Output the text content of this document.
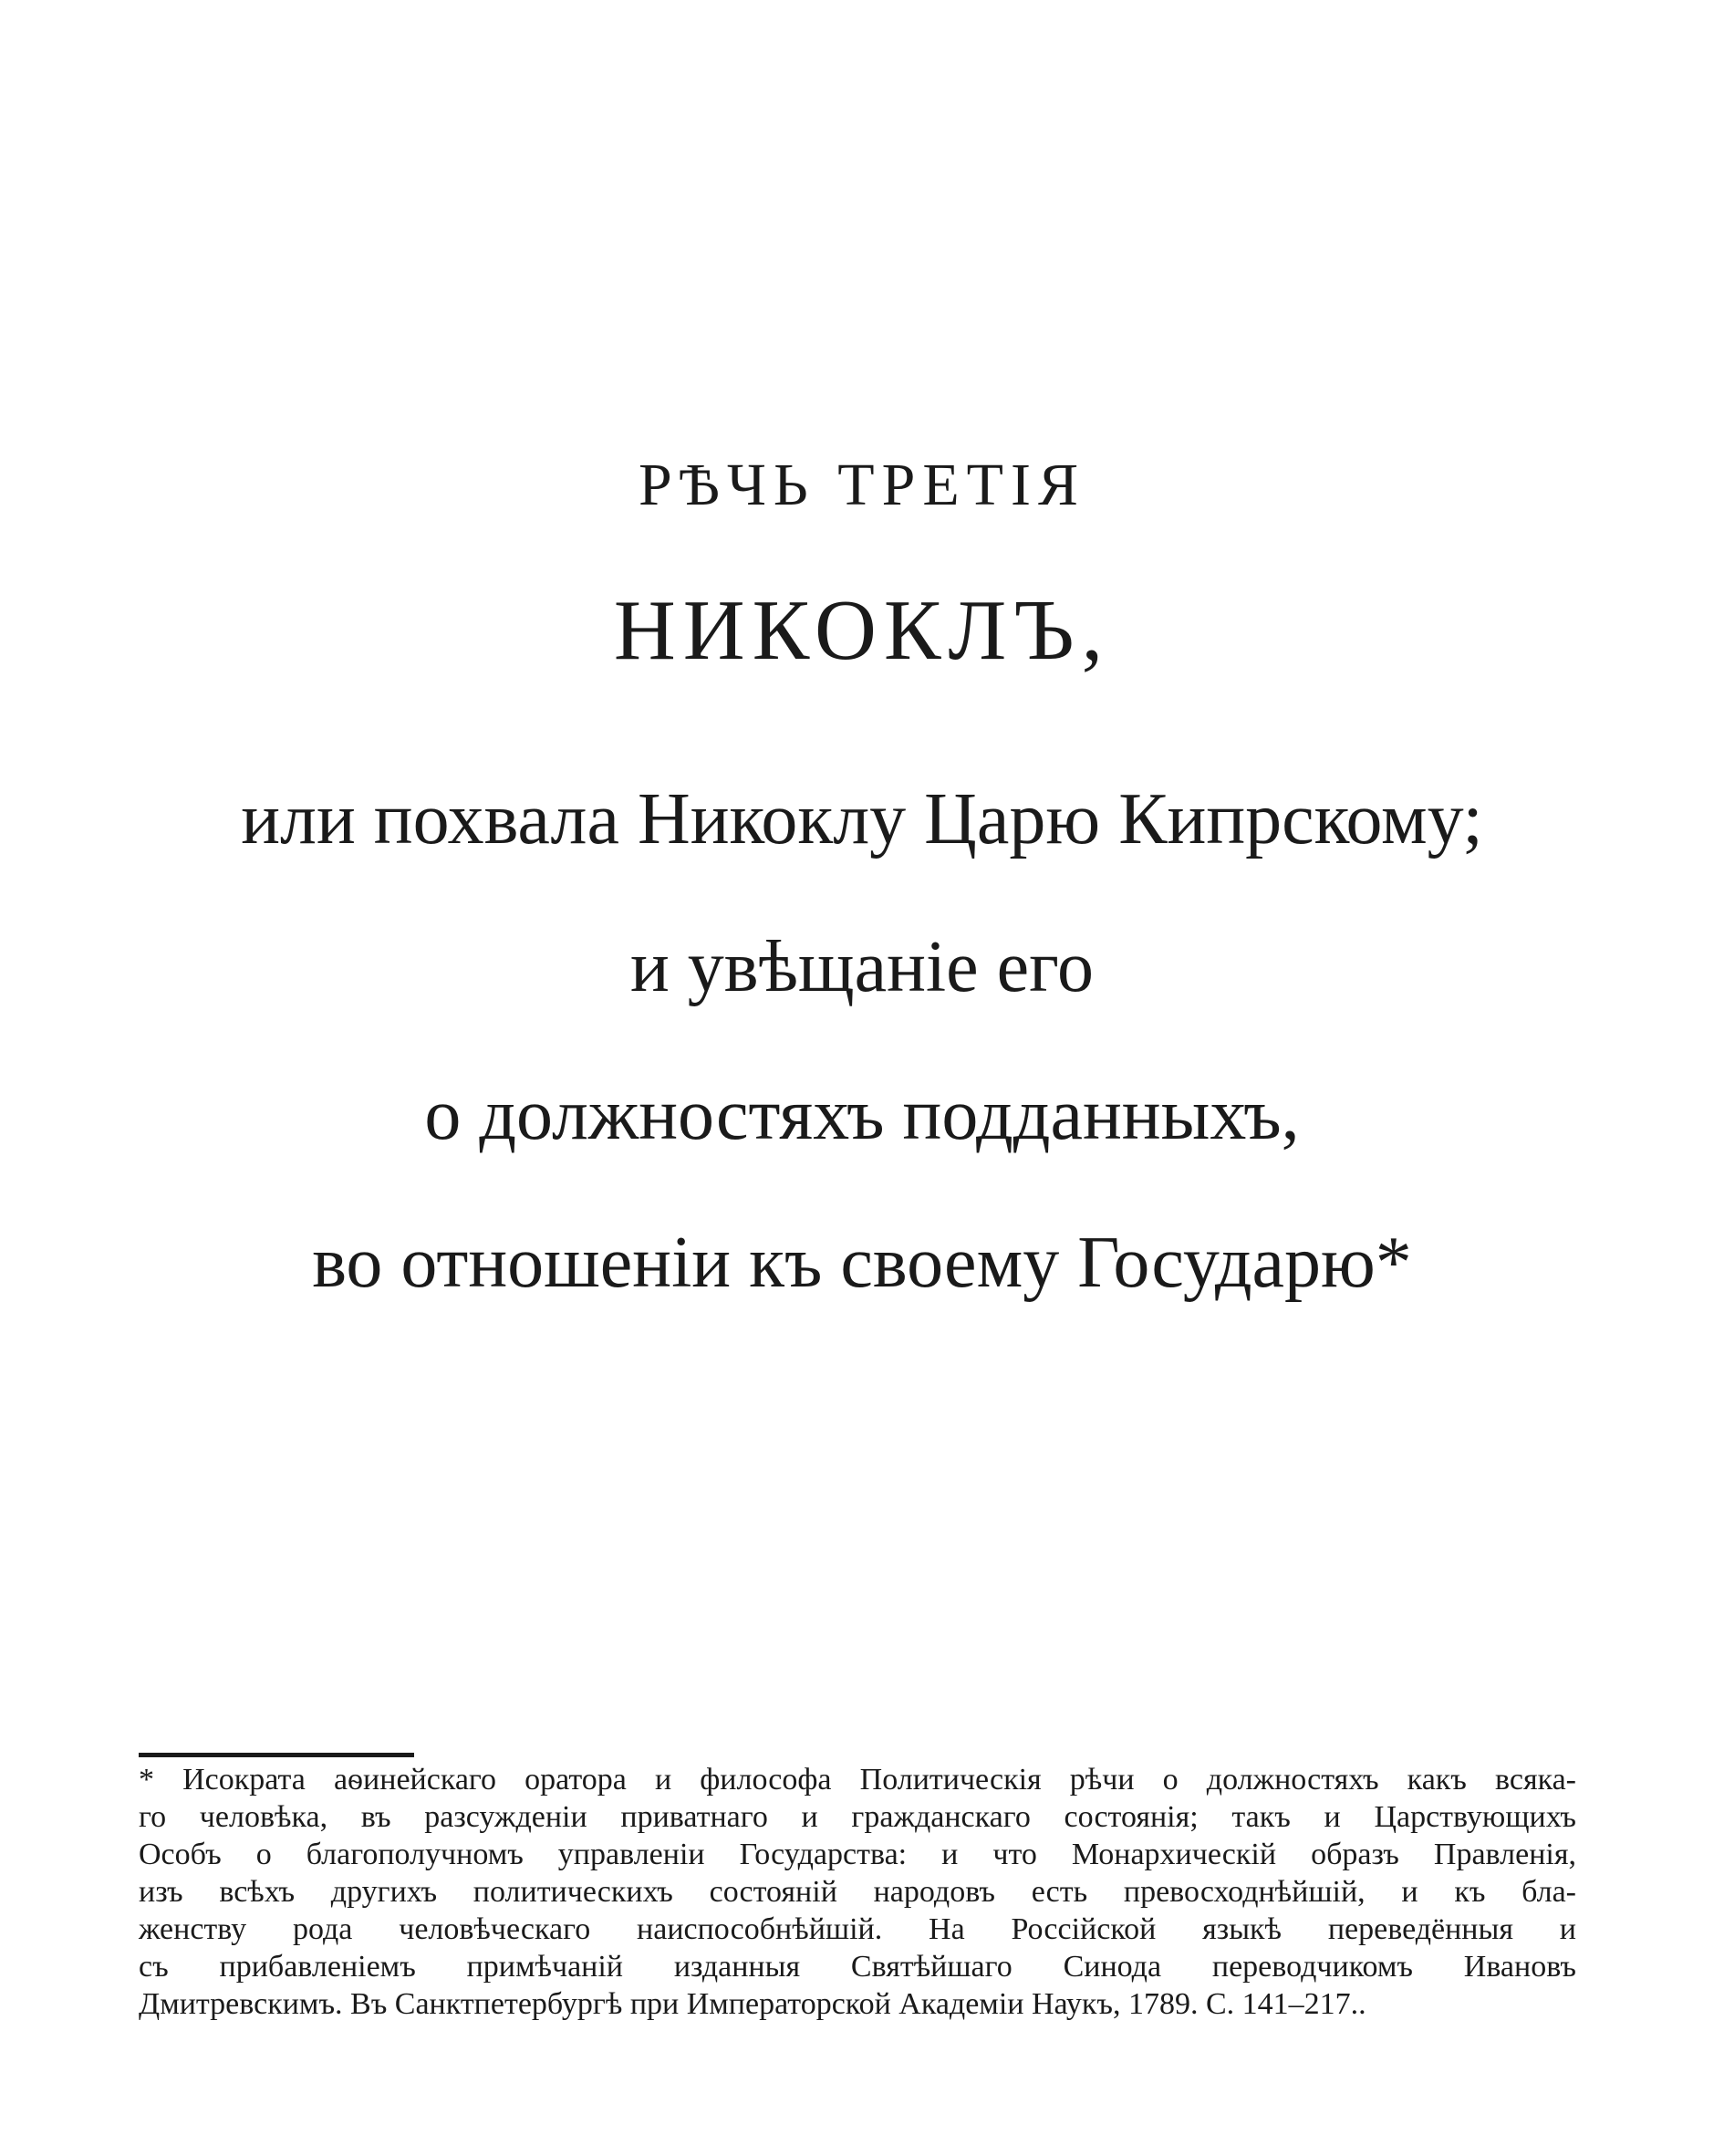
РѢЧЬ ТРЕТІЯ
НИКОКЛЪ,
или похвала Никоклу Царю Кипрскому;
и увѣщаніе его
о должностяхъ подданныхъ,
во отношеніи къ своему Государю*
* Исократа аѳинейскаго оратора и философа Политическія рѣчи о должностяхъ какъ всяка-
го человѣка, въ разсужденіи приватнаго и гражданскаго состоянія; такъ и Царствующихъ
Особъ о благополучномъ управленіи Государства: и что Монархическій образъ Правленія,
изъ всѣхъ другихъ политическихъ состояній народовъ есть превосходнѣйшій, и къ бла-
женству рода человѣческаго наиспособнѣйшій. На Россійской языкѣ переведённыя и
съ прибавленіемъ примѣчаній изданныя Святѣйшаго Синода переводчикомъ Ивановъ
Дмитревскимъ. Въ Санктпетербургѣ при Императорской Академіи Наукъ, 1789. С. 141–217..
